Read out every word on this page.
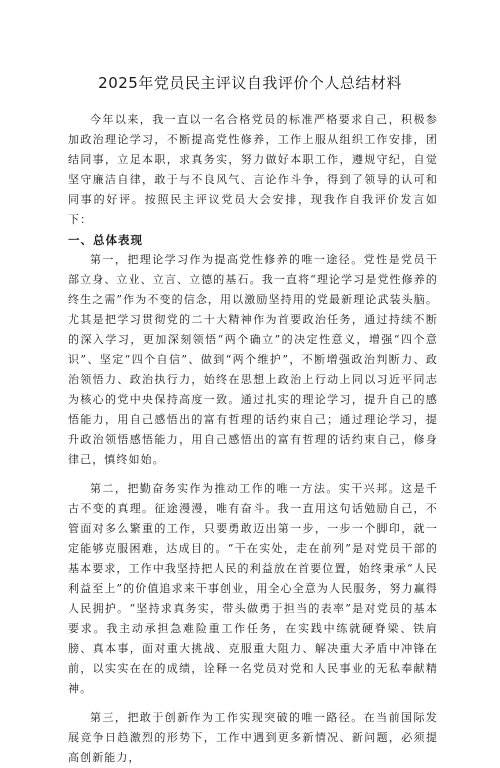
2025年党员民主评议自我评价个人总结材料

今年以来，我一直以一名合格党员的标准严格要求自己，积极参加政治理论学习，不断提高党性修养，工作上服从组织工作安排，团结同事，立足本职，求真务实，努力做好本职工作，遵规守纪，自觉坚守廉洁自律，敢于与不良风气、言论作斗争，得到了领导的认可和同事的好评。按照民主评议党员大会安排，现我作自我评价发言如下：

一、总体表现

第一，把理论学习作为提高党性修养的唯一途径。党性是党员干部立身、立业、立言、立德的基石。我一直将“理论学习是党性修养的终生之需”作为不变的信念，用以激励坚持用的党最新理论武装头脑。尤其是把学习贯彻党的二十大精神作为首要政治任务，通过持续不断的深入学习，更加深刻领悟“两个确立”的决定性意义，增强“四个意识”、坚定“四个自信”、做到“两个维护”，不断增强政治判断力、政治领悟力、政治执行力，始终在思想上政治上行动上同以习近平同志为核心的党中央保持高度一致。通过扎实的理论学习，提升自己的感悟能力，用自己感悟出的富有哲理的话约束自己；通过理论学习，提升政治领悟感悟能力，用自己感悟出的富有哲理的话约束自己，修身律己，慎终如始。

第二，把勤奋务实作为推动工作的唯一方法。实干兴邦。这是千古不变的真理。征途漫漫，唯有奋斗。我一直用这句话勉励自己，不管面对多么繁重的工作，只要勇敢迈出第一步，一步一个脚印，就一定能够克服困难，达成目的。“干在实处，走在前列”是对党员干部的基本要求，工作中我坚持把人民的利益放在首要位置，始终秉承“人民利益至上”的价值追求来干事创业，用全心全意为人民服务，努力赢得人民拥护。“坚持求真务实，带头做勇于担当的表率”是对党员的基本要求。我主动承担急难险重工作任务，在实践中练就硬脊梁、铁肩膀、真本事，面对重大挑战、克服重大阻力、解决重大矛盾中冲锋在前，以实实在在的成绩，诠释一名党员对党和人民事业的无私奉献精神。

第三，把敢于创新作为工作实现突破的唯一路径。在当前国际发展竞争日趋激烈的形势下，工作中遇到更多新情况、新问题，必须提高创新能力，
